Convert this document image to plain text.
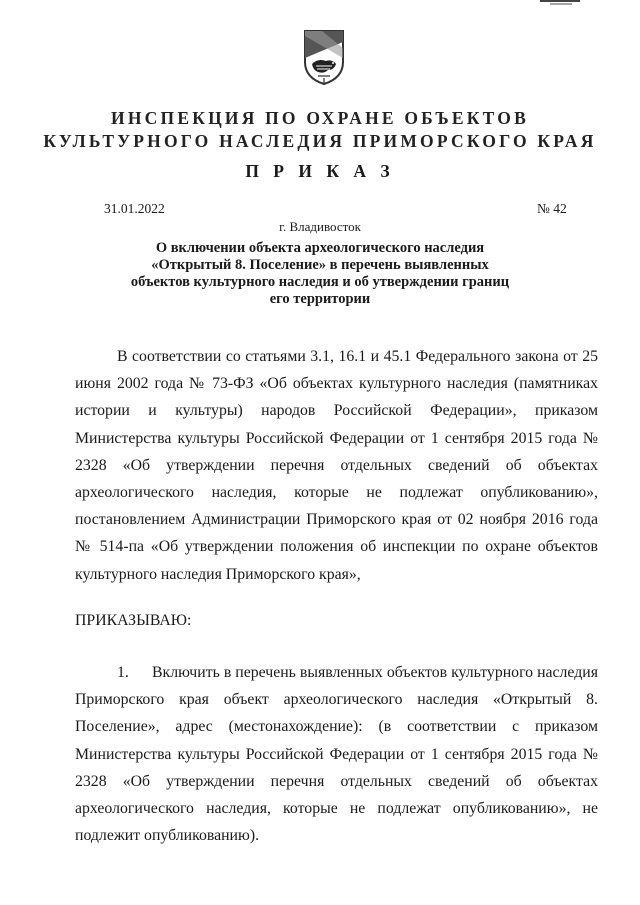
ИНСПЕКЦИЯ ПО ОХРАНЕ ОБЪЕКТОВ
КУЛЬТУРНОГО НАСЛЕДИЯ ПРИМОРСКОГО КРАЯ
П Р И К А З
31.01.2022	№ 42
г. Владивосток
О включении объекта археологического наследия «Открытый 8. Поселение» в перечень выявленных объектов культурного наследия и об утверждении границ его территории
В соответствии со статьями 3.1, 16.1 и 45.1 Федерального закона от 25 июня 2002 года № 73-ФЗ «Об объектах культурного наследия (памятниках истории и культуры) народов Российской Федерации», приказом Министерства культуры Российской Федерации от 1 сентября 2015 года № 2328 «Об утверждении перечня отдельных сведений об объектах археологического наследия, которые не подлежат опубликованию», постановлением Администрации Приморского края от 02 ноября 2016 года № 514-па «Об утверждении положения об инспекции по охране объектов культурного наследия Приморского края»,
ПРИКАЗЫВАЮ:
1. Включить в перечень выявленных объектов культурного наследия Приморского края объект археологического наследия «Открытый 8. Поселение», адрес (местонахождение): (в соответствии с приказом Министерства культуры Российской Федерации от 1 сентября 2015 года № 2328 «Об утверждении перечня отдельных сведений об объектах археологического наследия, которые не подлежат опубликованию», не подлежит опубликованию).
